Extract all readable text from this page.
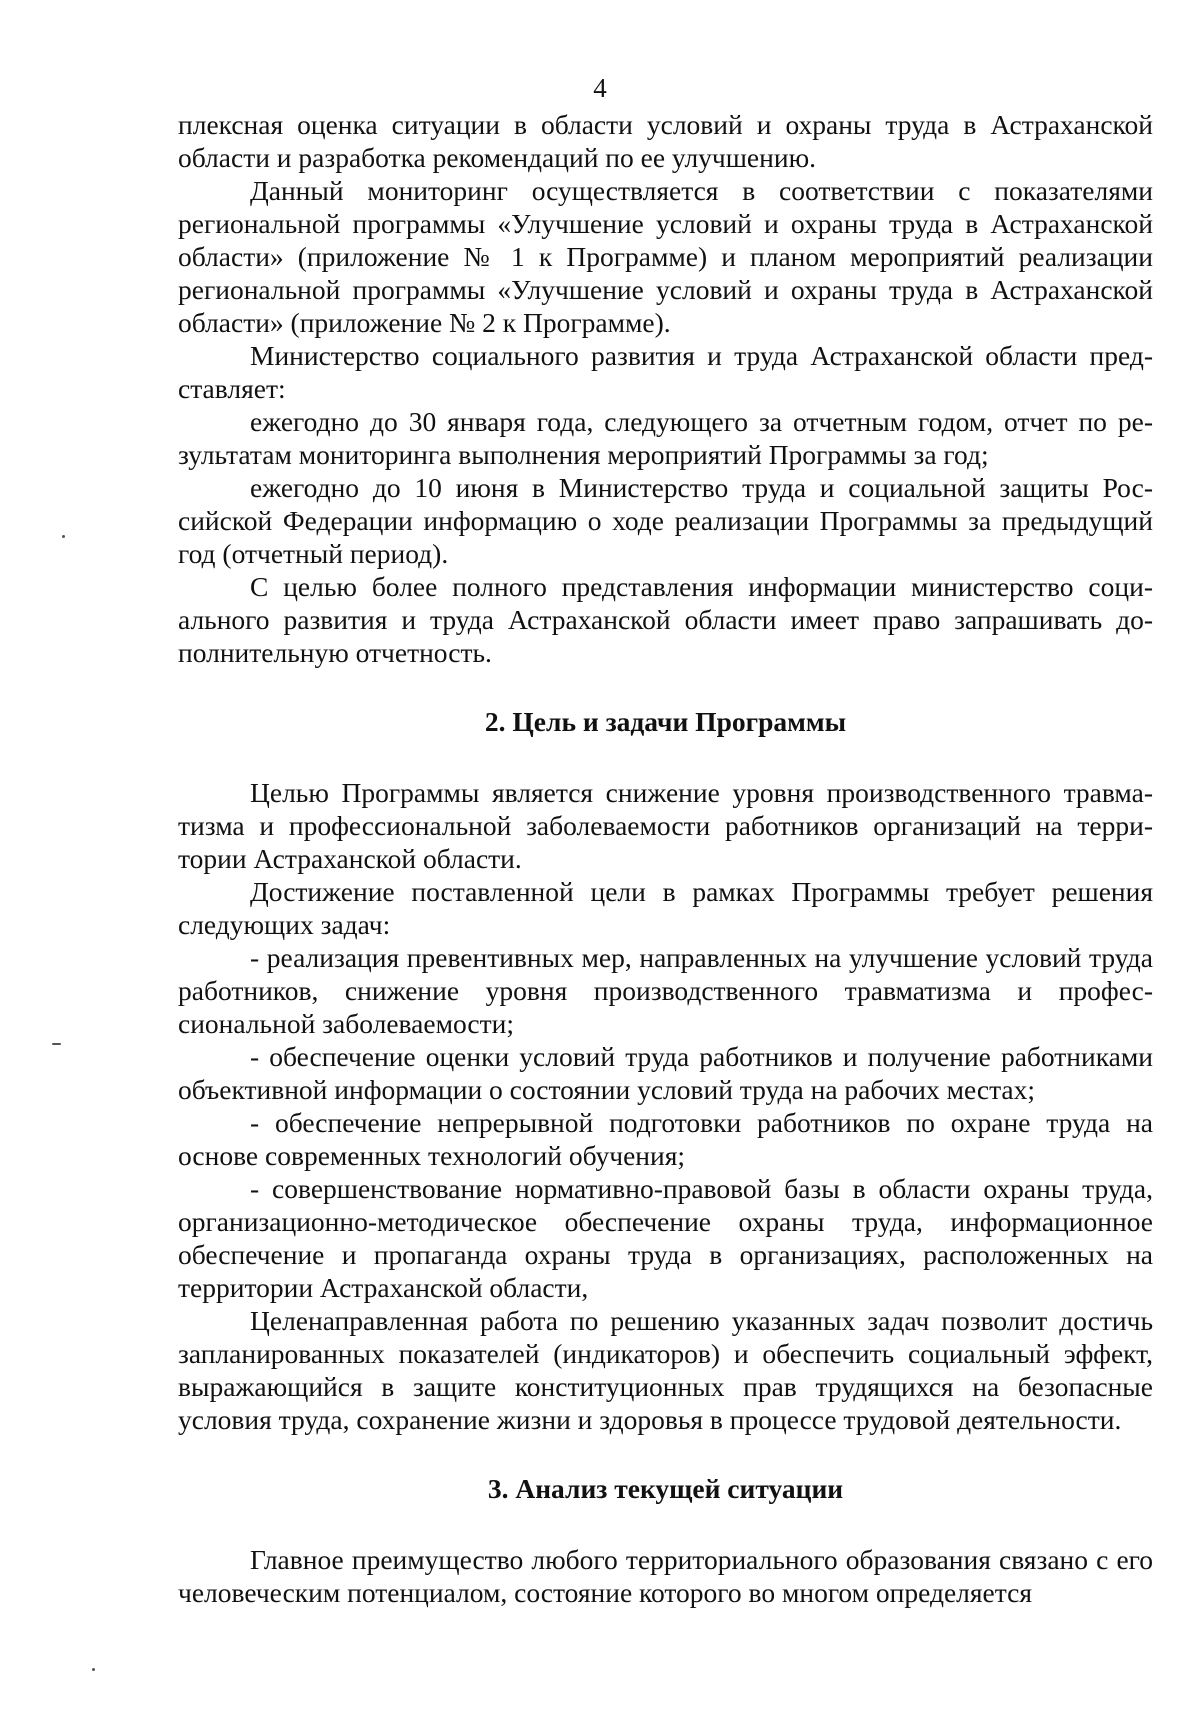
4

плексная оценка ситуации в области условий и охраны труда в Астраханской области и разработка рекомендаций по ее улучшению.

Данный мониторинг осуществляется в соответствии с показателями региональной программы «Улучшение условий и охраны труда в Астраханской области» (приложение № 1 к Программе) и планом мероприятий реализации региональной программы «Улучшение условий и охраны труда в Астраханской области» (приложение № 2 к Программе).

Министерство социального развития и труда Астраханской области представляет:

ежегодно до 30 января года, следующего за отчетным годом, отчет по результатам мониторинга выполнения мероприятий Программы за год;

ежегодно до 10 июня в Министерство труда и социальной защиты Российской Федерации информацию о ходе реализации Программы за предыдущий год (отчетный период).

С целью более полного представления информации министерство социального развития и труда Астраханской области имеет право запрашивать дополнительную отчетность.

2. Цель и задачи Программы

Целью Программы является снижение уровня производственного травматизма и профессиональной заболеваемости работников организаций на территории Астраханской области.

Достижение поставленной цели в рамках Программы требует решения следующих задач:

- реализация превентивных мер, направленных на улучшение условий труда работников, снижение уровня производственного травматизма и профессиональной заболеваемости;

- обеспечение оценки условий труда работников и получение работниками объективной информации о состоянии условий труда на рабочих местах;

- обеспечение непрерывной подготовки работников по охране труда на основе современных технологий обучения;

- совершенствование нормативно-правовой базы в области охраны труда, организационно-методическое обеспечение охраны труда, информационное обеспечение и пропаганда охраны труда в организациях, расположенных на территории Астраханской области,

Целенаправленная работа по решению указанных задач позволит достичь запланированных показателей (индикаторов) и обеспечить социальный эффект, выражающийся в защите конституционных прав трудящихся на безопасные условия труда, сохранение жизни и здоровья в процессе трудовой деятельности.

3. Анализ текущей ситуации

Главное преимущество любого территориального образования связано с его человеческим потенциалом, состояние которого во многом определяется
